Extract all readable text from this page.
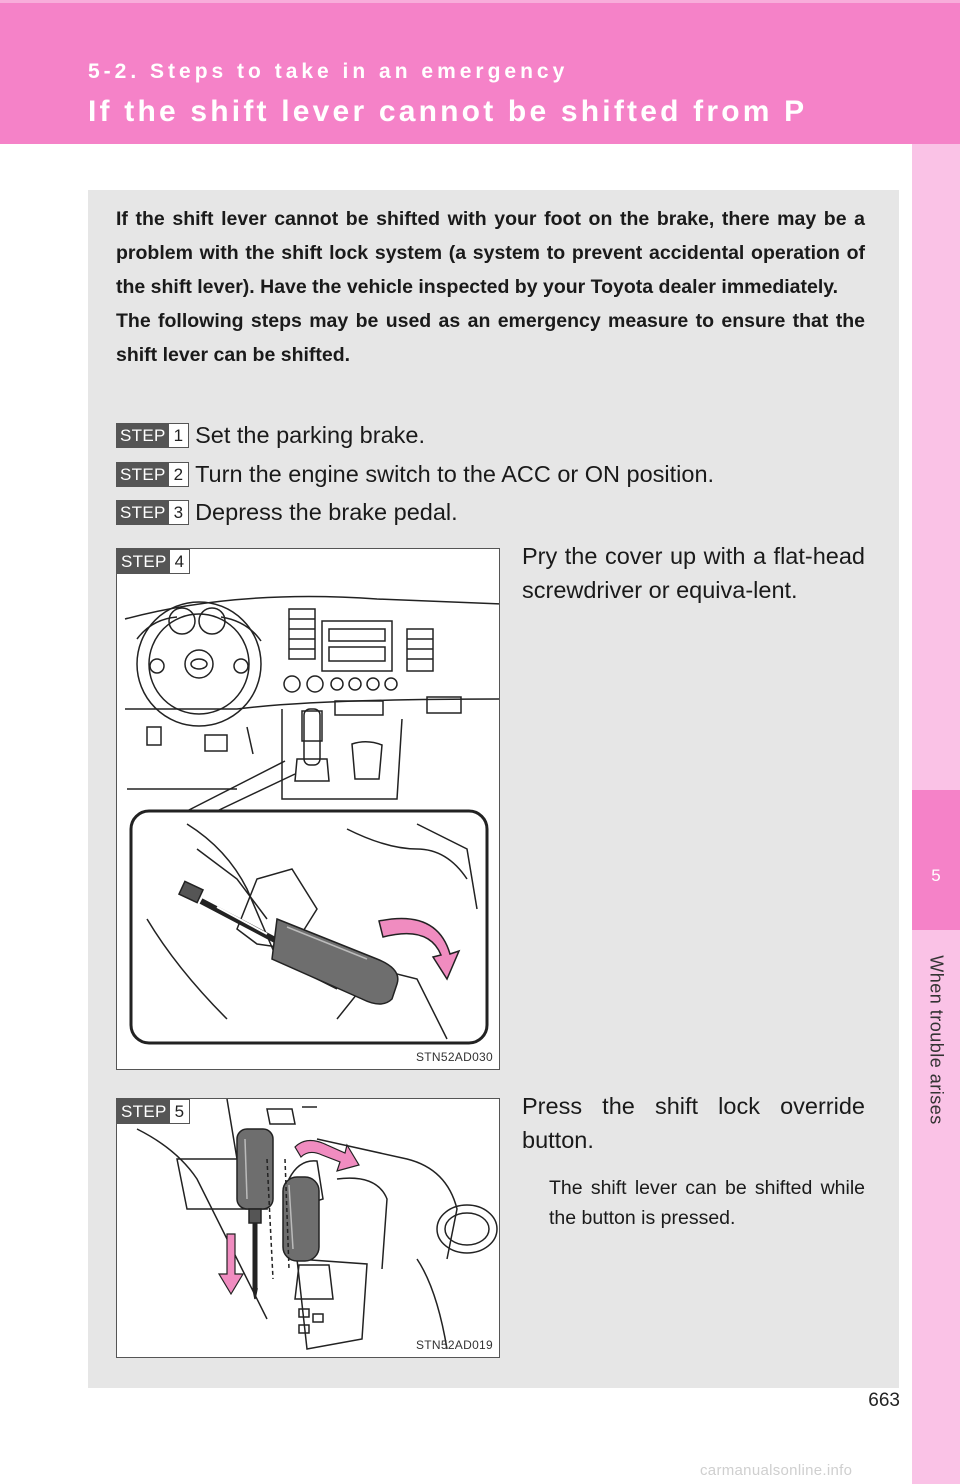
5-2. Steps to take in an emergency
If the shift lever cannot be shifted from P
5
When trouble arises

If the shift lever cannot be shifted with your foot on the brake, there may be a problem with the shift lock system (a system to prevent accidental operation of the shift lever). Have the vehicle inspected by your Toyota dealer immediately.

The following steps may be used as an emergency measure to ensure that the shift lever can be shifted.

STEP 1 Set the parking brake.
STEP 2 Turn the engine switch to the ACC or ON position.
STEP 3 Depress the brake pedal.
STEP 4
STN52AD030
Pry the cover up with a flat-head screwdriver or equiva-lent.
STEP 5
STN52AD019
Press the shift lock override button.
The shift lever can be shifted while the button is pressed.
663
carmanualsonline.info
